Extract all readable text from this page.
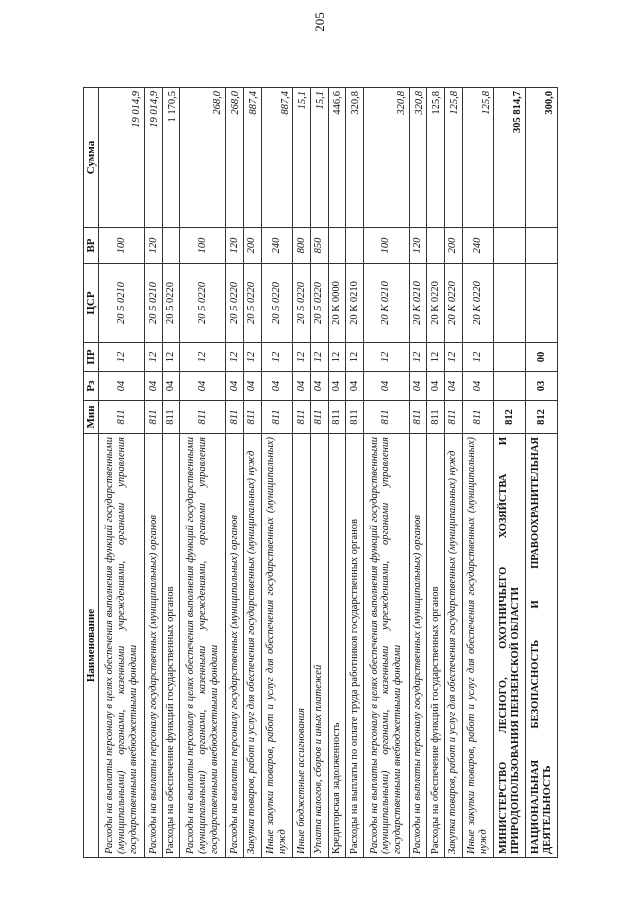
205
Наименование	Мин	Рз	ПР	ЦСР	ВР	Сумма
Расходы на выплаты персоналу в целях обеспечения выполнения функций государственными (муниципальными) органами, казенными учреждениями, органами управления государственными внебюджетными фондами	811	04	12	20 5 0210	100	19 014,9
Расходы на выплаты персоналу государственных (муниципальных) органов	811	04	12	20 5 0210	120	19 014,9
Расходы на обеспечение функций государственных органов	811	04	12	20 5 0220		1 170,5
Расходы на выплаты персоналу в целях обеспечения выполнения функций государственными (муниципальными) органами, казенными учреждениями, органами управления государственными внебюджетными фондами	811	04	12	20 5 0220	100	268,0
Расходы на выплаты персоналу государственных (муниципальных) органов	811	04	12	20 5 0220	120	268,0
Закупка товаров, работ и услуг для обеспечения государственных (муниципальных) нужд	811	04	12	20 5 0220	200	887,4
Иные закупки товаров, работ и услуг для обеспечения государственных (муниципальных) нужд	811	04	12	20 5 0220	240	887,4
Иные бюджетные ассигнования	811	04	12	20 5 0220	800	15,1
Уплата налогов, сборов и иных платежей	811	04	12	20 5 0220	850	15,1
Кредиторская задолженность	811	04	12	20 К 0000		446,6
Расходы на выплаты по оплате труда работников государственных органов	811	04	12	20 К 0210		320,8
Расходы на выплаты персоналу в целях обеспечения выполнения функций государственными (муниципальными) органами, казенными учреждениями, органами управления государственными внебюджетными фондами	811	04	12	20 К 0210	100	320,8
Расходы на выплаты персоналу государственных (муниципальных) органов	811	04	12	20 К 0210	120	320,8
Расходы на обеспечение функций государственных органов	811	04	12	20 К 0220		125,8
Закупка товаров, работ и услуг для обеспечения государственных (муниципальных) нужд	811	04	12	20 К 0220	200	125,8
Иные закупки товаров, работ и услуг для обеспечения государственных (муниципальных) нужд	811	04	12	20 К 0220	240	125,8
МИНИСТЕРСТВО ЛЕСНОГО, ОХОТНИЧЬЕГО ХОЗЯЙСТВА И ПРИРОДОПОЛЬЗОВАНИЯ ПЕНЗЕНСКОЙ ОБЛАСТИ	812					305 814,7
НАЦИОНАЛЬНАЯ БЕЗОПАСНОСТЬ И ПРАВООХРАНИТЕЛЬНАЯ ДЕЯТЕЛЬНОСТЬ	812	03	00			300,0
